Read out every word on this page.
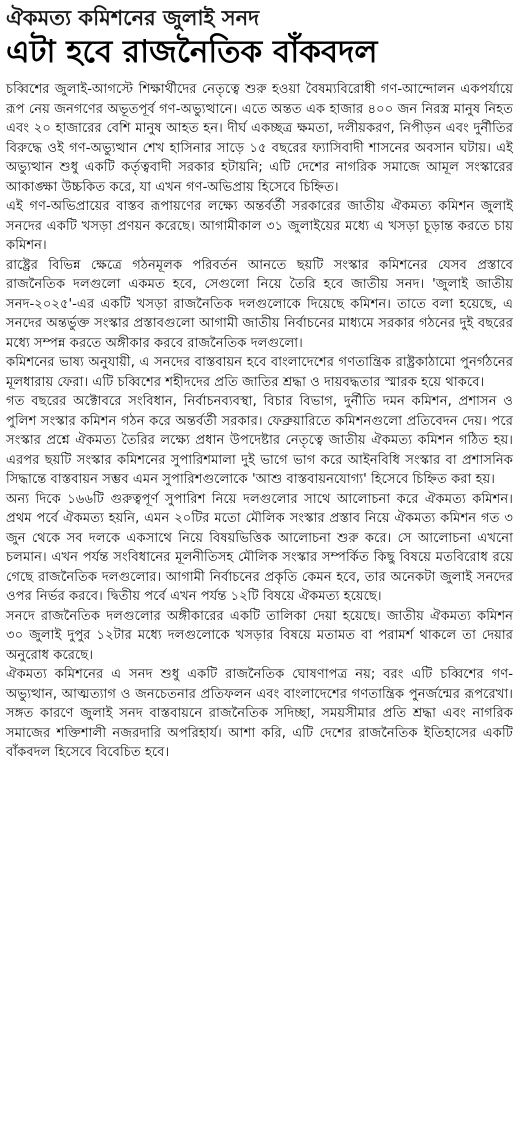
ঐকমত্য কমিশনের জুলাই সনদ
এটা হবে রাজনৈতিক বাঁকবদল

চব্বিশের জুলাই-আগস্টে শিক্ষার্থীদের নেতৃত্বে শুরু হওয়া বৈষম্যবিরোধী গণ-আন্দোলন একপর্যায়ে রূপ নেয় জনগণের অভূতপূর্ব গণ-অভ্যুত্থানে। এতে অন্তত এক হাজার ৪০০ জন নিরস্ত্র মানুষ নিহত এবং ২০ হাজারের বেশি মানুষ আহত হন। দীর্ঘ একচ্ছত্র ক্ষমতা, দলীয়করণ, নিপীড়ন এবং দুর্নীতির বিরুদ্ধে ওই গণ-অভ্যুত্থান শেখ হাসিনার সাড়ে ১৫ বছরের ফ্যাসিবাদী শাসনের অবসান ঘটায়। এই অভ্যুত্থান শুধু একটি কর্তৃত্ববাদী সরকার হটায়নি; এটি দেশের নাগরিক সমাজে আমূল সংস্কারের আকাঙ্ক্ষা উচ্চকিত করে, যা এখন গণ-অভিপ্রায় হিসেবে চিহ্নিত।

এই গণ-অভিপ্রায়ের বাস্তব রূপায়ণের লক্ষ্যে অন্তর্বর্তী সরকারের জাতীয় ঐকমত্য কমিশন জুলাই সনদের একটি খসড়া প্রণয়ন করেছে। আগামীকাল ৩১ জুলাইয়ের মধ্যে এ খসড়া চূড়ান্ত করতে চায় কমিশন।

রাষ্ট্রের বিভিন্ন ক্ষেত্রে গঠনমূলক পরিবর্তন আনতে ছয়টি সংস্কার কমিশনের যেসব প্রস্তাবে রাজনৈতিক দলগুলো একমত হবে, সেগুলো নিয়ে তৈরি হবে জাতীয় সনদ। 'জুলাই জাতীয় সনদ-২০২৫'-এর একটি খসড়া রাজনৈতিক দলগুলোকে দিয়েছে কমিশন। তাতে বলা হয়েছে, এ সনদের অন্তর্ভুক্ত সংস্কার প্রস্তাবগুলো আগামী জাতীয় নির্বাচনের মাধ্যমে সরকার গঠনের দুই বছরের মধ্যে সম্পন্ন করতে অঙ্গীকার করবে রাজনৈতিক দলগুলো।

কমিশনের ভাষ্য অনুযায়ী, এ সনদের বাস্তবায়ন হবে বাংলাদেশের গণতান্ত্রিক রাষ্ট্রকাঠামো পুনর্গঠনের মূলধারায় ফেরা। এটি চব্বিশের শহীদদের প্রতি জাতির শ্রদ্ধা ও দায়বদ্ধতার স্মারক হয়ে থাকবে।

গত বছরের অক্টোবরে সংবিধান, নির্বাচনব্যবস্থা, বিচার বিভাগ, দুর্নীতি দমন কমিশন, প্রশাসন ও পুলিশ সংস্কার কমিশন গঠন করে অন্তর্বর্তী সরকার। ফেব্রুয়ারিতে কমিশনগুলো প্রতিবেদন দেয়। পরে সংস্কার প্রশ্নে ঐকমত্য তৈরির লক্ষ্যে প্রধান উপদেষ্টার নেতৃত্বে জাতীয় ঐকমত্য কমিশন গঠিত হয়। এরপর ছয়টি সংস্কার কমিশনের সুপারিশমালা দুই ভাগে ভাগ করে আইনবিধি সংস্কার বা প্রশাসনিক সিদ্ধান্তে বাস্তবায়ন সম্ভব এমন সুপারিশগুলোকে 'আশু বাস্তবায়নযোগ্য' হিসেবে চিহ্নিত করা হয়।

অন্য দিকে ১৬৬টি গুরুত্বপূর্ণ সুপারিশ নিয়ে দলগুলোর সাথে আলোচনা করে ঐকমত্য কমিশন। প্রথম পর্বে ঐকমত্য হয়নি, এমন ২০টির মতো মৌলিক সংস্কার প্রস্তাব নিয়ে ঐকমত্য কমিশন গত ৩ জুন থেকে সব দলকে একসাথে নিয়ে বিষয়ভিত্তিক আলোচনা শুরু করে। সে আলোচনা এখনো চলমান। এখন পর্যন্ত সংবিধানের মূলনীতিসহ মৌলিক সংস্কার সম্পর্কিত কিছু বিষয়ে মতবিরোধ রয়ে গেছে রাজনৈতিক দলগুলোর। আগামী নির্বাচনের প্রকৃতি কেমন হবে, তার অনেকটা জুলাই সনদের ওপর নির্ভর করবে। দ্বিতীয় পর্বে এখন পর্যন্ত ১২টি বিষয়ে ঐকমত্য হয়েছে।

সনদে রাজনৈতিক দলগুলোর অঙ্গীকারের একটি তালিকা দেয়া হয়েছে। জাতীয় ঐকমত্য কমিশন ৩০ জুলাই দুপুর ১২টার মধ্যে দলগুলোকে খসড়ার বিষয়ে মতামত বা পরামর্শ থাকলে তা দেয়ার অনুরোধ করেছে।

ঐকমত্য কমিশনের এ সনদ শুধু একটি রাজনৈতিক ঘোষণাপত্র নয়; বরং এটি চব্বিশের গণ-অভ্যুত্থান, আত্মত্যাগ ও জনচেতনার প্রতিফলন এবং বাংলাদেশের গণতান্ত্রিক পুনর্জন্মের রূপরেখা। সঙ্গত কারণে জুলাই সনদ বাস্তবায়নে রাজনৈতিক সদিচ্ছা, সময়সীমার প্রতি শ্রদ্ধা এবং নাগরিক সমাজের শক্তিশালী নজরদারি অপরিহার্য। আশা করি, এটি দেশের রাজনৈতিক ইতিহাসের একটি বাঁকবদল হিসেবে বিবেচিত হবে।
